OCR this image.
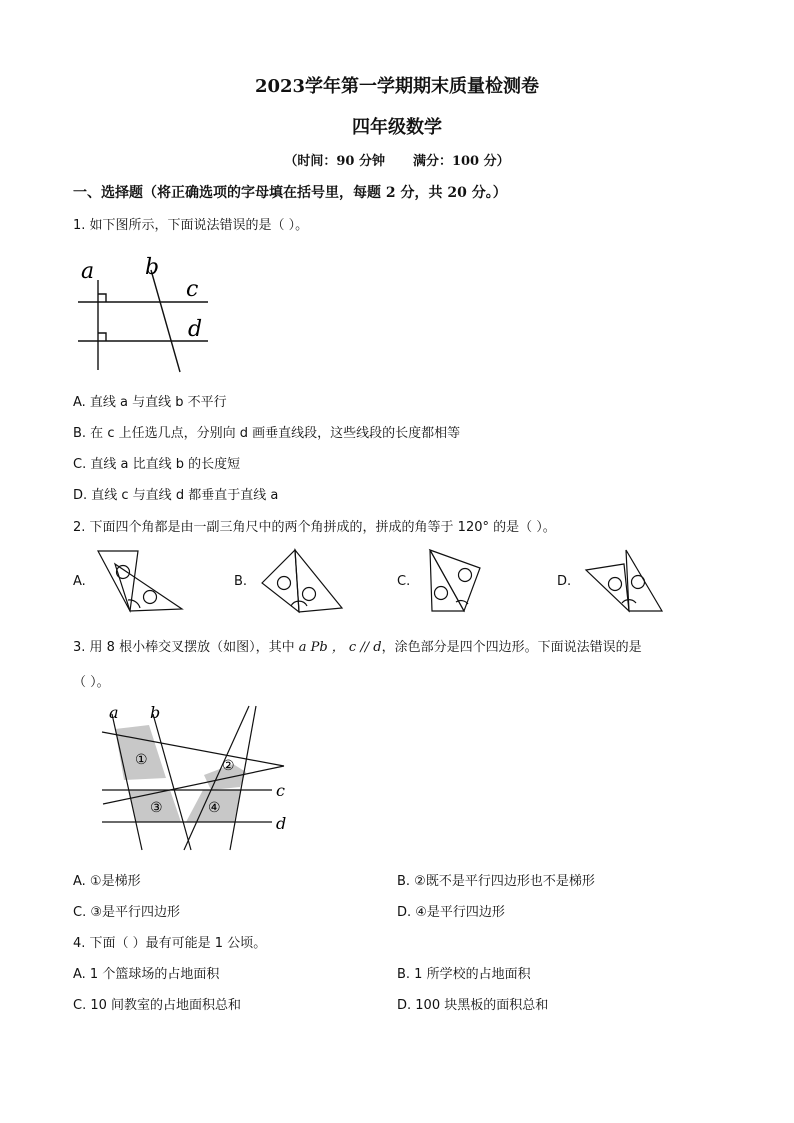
2023学年第一学期期末质量检测卷
四年级数学
（时间：90 分钟 满分：100 分）
一、选择题（将正确选项的字母填在括号里，每题 2 分，共 20 分。）
1. 如下图所示，下面说法错误的是（ ）。
a b
c
d
A. 直线 a 与直线 b 不平行
B. 在 c 上任选几点，分别向 d 画垂直线段，这些线段的长度都相等
C. 直线 a 比直线 b 的长度短
D. 直线 c 与直线 d 都垂直于直线 a
2. 下面四个角都是由一副三角尺中的两个角拼成的，拼成的角等于 120° 的是（ ）。
A.	B.	C.	D.
3. 用 8 根小棒交叉摆放（如图），其中 a Pb ， c // d，涂色部分是四个四边形。下面说法错误的是
（ ）。
a b
c
d
①	②
③	④
A. ①是梯形	B. ②既不是平行四边形也不是梯形
C. ③是平行四边形	D. ④是平行四边形
4. 下面（ ）最有可能是 1 公顷。
A. 1 个篮球场的占地面积	B. 1 所学校的占地面积
C. 10 间教室的占地面积总和	D. 100 块黑板的面积总和
